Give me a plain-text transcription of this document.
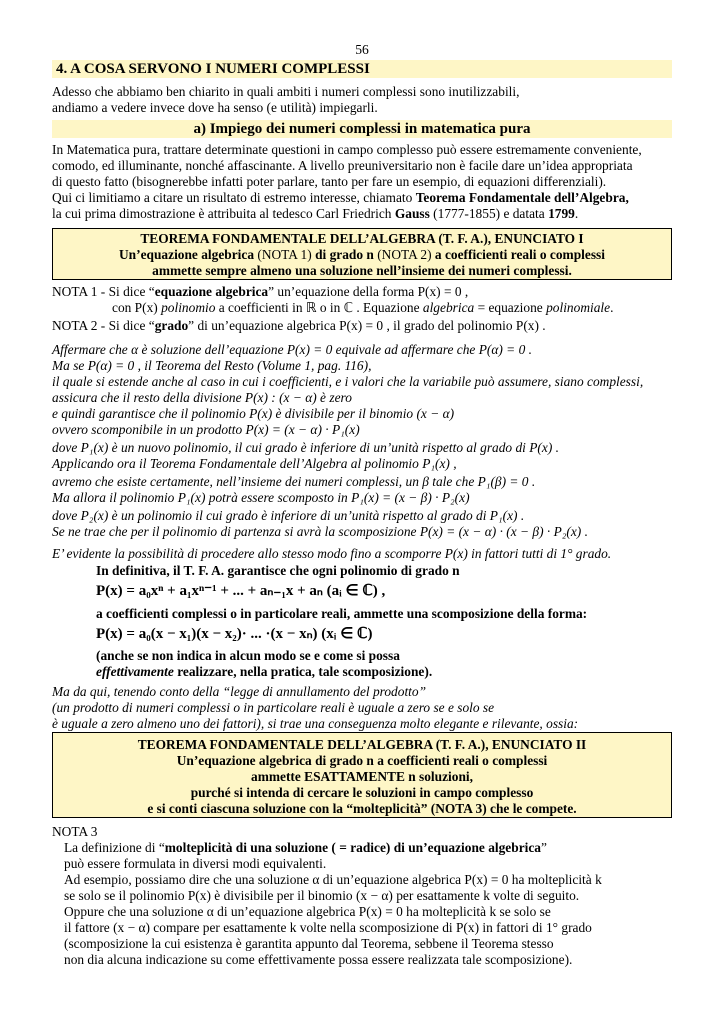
56
4. A COSA SERVONO I NUMERI COMPLESSI
Adesso che abbiamo ben chiarito in quali ambiti i numeri complessi sono inutilizzabili,
andiamo a vedere invece dove ha senso (e utilità) impiegarli.
a) Impiego dei numeri complessi in matematica pura
In Matematica pura, trattare determinate questioni in campo complesso può essere estremamente conveniente,
comodo, ed illuminante, nonché affascinante. A livello preuniversitario non è facile dare un’idea appropriata
di questo fatto (bisognerebbe infatti poter parlare, tanto per fare un esempio, di equazioni differenziali).
Qui ci limitiamo a citare un risultato di estremo interesse, chiamato Teorema Fondamentale dell’Algebra,
la cui prima dimostrazione è attribuita al tedesco Carl Friedrich Gauss (1777-1855) e datata 1799.
TEOREMA FONDAMENTALE DELL’ALGEBRA (T. F. A.), ENUNCIATO I
Un’equazione algebrica (NOTA 1) di grado n (NOTA 2) a coefficienti reali o complessi
ammette sempre almeno una soluzione nell’insieme dei numeri complessi.
NOTA 1 - Si dice “equazione algebrica” un’equazione della forma P(x) = 0 ,
con P(x) polinomio a coefficienti in ℝ o in ℂ . Equazione algebrica = equazione polinomiale.
NOTA 2 - Si dice “grado” di un’equazione algebrica P(x) = 0 , il grado del polinomio P(x) .
Affermare che α è soluzione dell’equazione P(x) = 0 equivale ad affermare che P(α) = 0 .
Ma se P(α) = 0 , il Teorema del Resto (Volume 1, pag. 116),
il quale si estende anche al caso in cui i coefficienti, e i valori che la variabile può assumere, siano complessi,
assicura che il resto della divisione P(x) : (x − α) è zero
e quindi garantisce che il polinomio P(x) è divisibile per il binomio (x − α)
ovvero scomponibile in un prodotto P(x) = (x − α) · P₁(x)
dove P₁(x) è un nuovo polinomio, il cui grado è inferiore di un’unità rispetto al grado di P(x) .
Applicando ora il Teorema Fondamentale dell’Algebra al polinomio P₁(x) ,
avremo che esiste certamente, nell’insieme dei numeri complessi, un β tale che P₁(β) = 0 .
Ma allora il polinomio P₁(x) potrà essere scomposto in P₁(x) = (x − β) · P₂(x)
dove P₂(x) è un polinomio il cui grado è inferiore di un’unità rispetto al grado di P₁(x) .
Se ne trae che per il polinomio di partenza si avrà la scomposizione P(x) = (x − α) · (x − β) · P₂(x) .
E’ evidente la possibilità di procedere allo stesso modo fino a scomporre P(x) in fattori tutti di 1° grado.
In definitiva, il T. F. A. garantisce che ogni polinomio di grado n
P(x) = a₀xⁿ + a₁xⁿ⁻¹ + ... + aₙ₋₁x + aₙ (aᵢ ∈ ℂ) ,
a coefficienti complessi o in particolare reali, ammette una scomposizione della forma:
P(x) = a₀(x − x₁)(x − x₂)· ... ·(x − xₙ) (xᵢ ∈ ℂ)
(anche se non indica in alcun modo se e come si possa
effettivamente realizzare, nella pratica, tale scomposizione).
Ma da qui, tenendo conto della “legge di annullamento del prodotto”
(un prodotto di numeri complessi o in particolare reali è uguale a zero se e solo se
è uguale a zero almeno uno dei fattori), si trae una conseguenza molto elegante e rilevante, ossia:
TEOREMA FONDAMENTALE DELL’ALGEBRA (T. F. A.), ENUNCIATO II
Un’equazione algebrica di grado n a coefficienti reali o complessi
ammette ESATTAMENTE n soluzioni,
purché si intenda di cercare le soluzioni in campo complesso
e si conti ciascuna soluzione con la “molteplicità” (NOTA 3) che le compete.
NOTA 3
La definizione di “molteplicità di una soluzione ( = radice) di un’equazione algebrica”
può essere formulata in diversi modi equivalenti.
Ad esempio, possiamo dire che una soluzione α di un’equazione algebrica P(x) = 0 ha molteplicità k
se solo se il polinomio P(x) è divisibile per il binomio (x − α) per esattamente k volte di seguito.
Oppure che una soluzione α di un’equazione algebrica P(x) = 0 ha molteplicità k se solo se
il fattore (x − α) compare per esattamente k volte nella scomposizione di P(x) in fattori di 1° grado
(scomposizione la cui esistenza è garantita appunto dal Teorema, sebbene il Teorema stesso
non dia alcuna indicazione su come effettivamente possa essere realizzata tale scomposizione).
